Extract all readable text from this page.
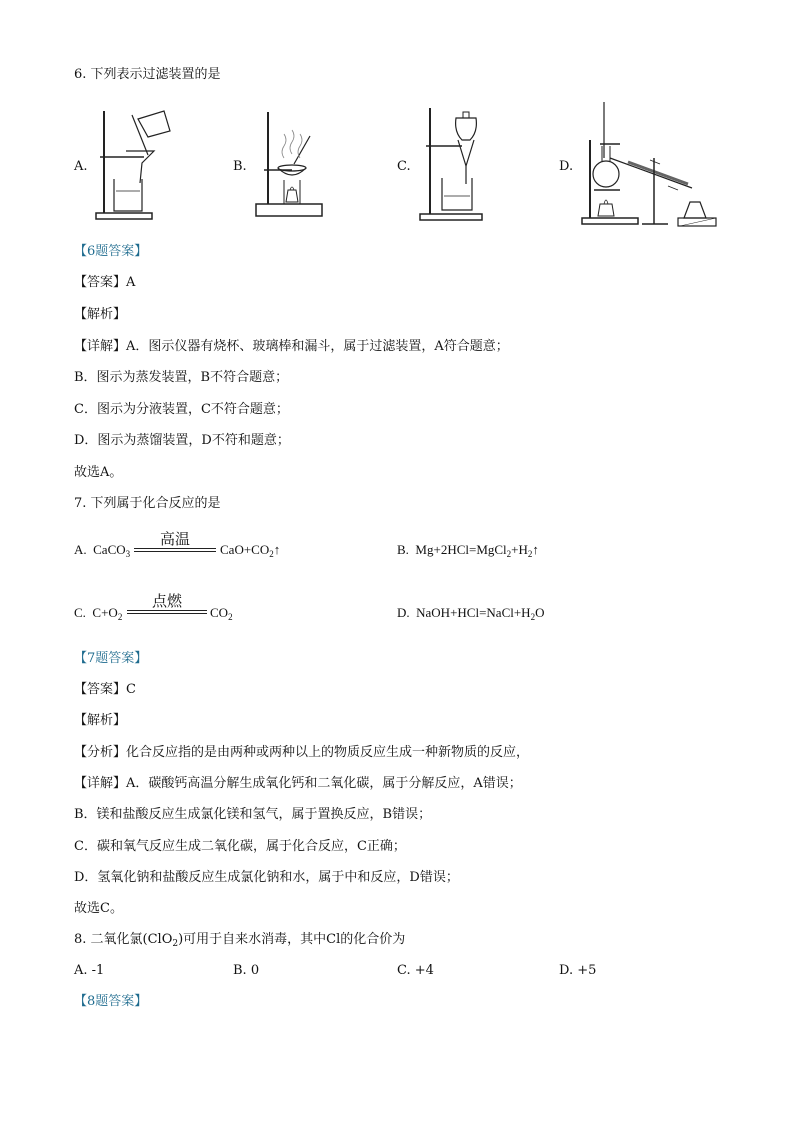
6. 下列表示过滤装置的是
A.	B.	C.	D.
【6题答案】
【答案】A
【解析】
【详解】A．图示仪器有烧杯、玻璃棒和漏斗，属于过滤装置，A符合题意；
B．图示为蒸发装置，B不符合题意；
C．图示为分液装置，C不符合题意；
D．图示为蒸馏装置，D不符和题意；
故选A。
7. 下列属于化合反应的是
A. CaCO$_3$
高温
$CaO+CO_2↑$	B. $Mg+2HCl=MgCl_2+H_2↑$
C. $C+O_2$
点燃
$CO_2$	D. $NaOH+HCl=NaCl+H_2O$
【7题答案】
【答案】C
【解析】
【分析】化合反应指的是由两种或两种以上的物质反应生成一种新物质的反应，
【详解】A．碳酸钙高温分解生成氧化钙和二氧化碳，属于分解反应，A错误；
B．镁和盐酸反应生成氯化镁和氢气，属于置换反应，B错误；
C．碳和氧气反应生成二氧化碳，属于化合反应，C正确；
D．氢氧化钠和盐酸反应生成氯化钠和水，属于中和反应，D错误；
故选C。
8. 二氧化氯(ClO$_2$)可用于自来水消毒，其中Cl的化合价为
A. -1	B. 0	C. +4	D. +5
【8题答案】
